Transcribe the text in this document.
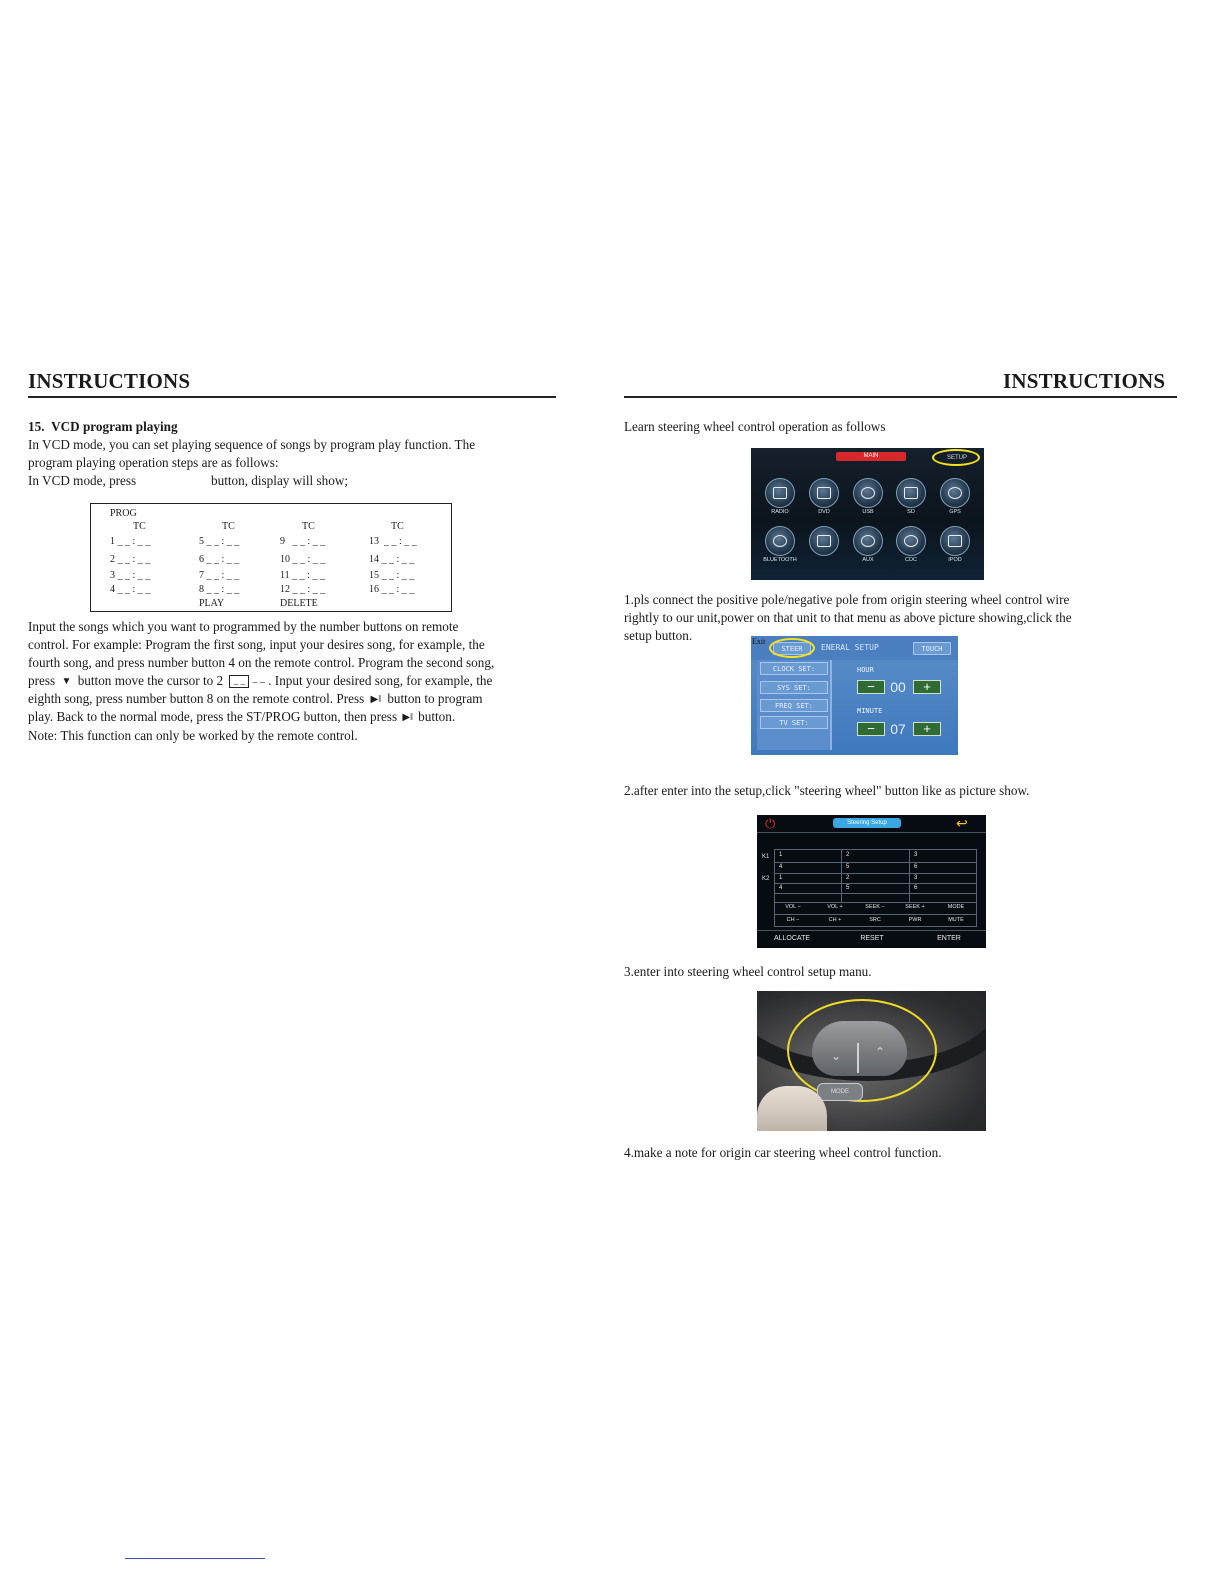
INSTRUCTIONS
15. VCD program playing
In VCD mode, you can set playing sequence of songs by program play function. The
program playing operation steps are as follows:
In VCD mode, press	button, display will show;
PROG
TC	TC	TC	TC
1 _ _ : _ _	5 _ _ : _ _	9   _ _ : _ _	13  _ _ : _ _
2 _ _ : _ _	6 _ _ : _ _	10 _ _ : _ _	14 _ _ : _ _
3 _ _ : _ _	7 _ _ : _ _	11 _ _ : _ _	15 _ _ : _ _
4 _ _ : _ _	8 _ _ : _ _	12 _ _ : _ _	16 _ _ : _ _
PLAY	DELETE
Input the songs which you want to programmed by the number buttons on remote
control. For example: Program the first song, input your desires song, for example, the
fourth song, and press number button 4 on the remote control. Program the second song,
press ▼ button move the cursor to 2 _ _ – – . Input your desired song, for example, the
eighth song, press number button 8 on the remote control. Press ▶‖ button to program
play. Back to the normal mode, press the ST/PROG button, then press ▶‖ button.
Note: This function can only be worked by the remote control.
INSTRUCTIONS
Learn steering wheel control operation as follows
MAIN	SETUP
RADIO	DVD	USB	SD	GPS
BLUETOOTH	AUX	CDC	IPOD
1.pls connect the positive pole/negative pole from origin steering wheel control wire
rightly to our unit,power on that unit to that menu as above picture showing,click the
setup button.	Exit
STEER	ENERAL SETUP	TOUCH
CLOCK SET:
SYS SET:
FREQ SET:
TV SET:
HOUR
−	00	+
MINUTE
−	07	+
2.after enter into the setup,click "steering wheel" button like as picture show.
⏻	Steering Setup	↩
K1
K2
1	2	3
4	5	6
1	2	3
4	5	6
VOL −	VOL +	SEEK −	SEEK +	MODE
CH −	CH +	SRC	PWR	MUTE
ALLOCATE	RESET	ENTER
3.enter into steering wheel control setup manu.
⌄	⌃
MODE
4.make a note for origin car steering wheel control function.
